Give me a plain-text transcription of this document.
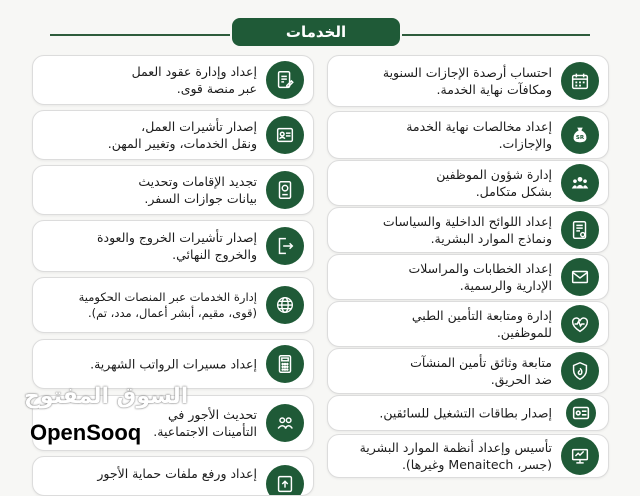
الخدمات
إعداد وإدارة عقود العمل
عبر منصة قوى.
إصدار تأشيرات العمل،
ونقل الخدمات، وتغيير المهن.
تجديد الإقامات وتحديث
بيانات جوازات السفر.
إصدار تأشيرات الخروج والعودة
والخروج النهائي.
إدارة الخدمات عبر المنصات الحكومية
(قوى، مقيم، أبشر أعمال، مدد، تم).
إعداد مسيرات الرواتب الشهرية.
تحديث الأجور في
التأمينات الاجتماعية.
إعداد ورفع ملفات حماية الأجور
احتساب أرصدة الإجازات السنوية
ومكافآت نهاية الخدمة.
SR
إعداد مخالصات نهاية الخدمة
والإجازات.
إدارة شؤون الموظفين
بشكل متكامل.
إعداد اللوائح الداخلية والسياسات
ونماذج الموارد البشرية.
إعداد الخطابات والمراسلات
الإدارية والرسمية.
إدارة ومتابعة التأمين الطبي
للموظفين.
متابعة وثائق تأمين المنشآت
ضد الحريق.
إصدار بطاقات التشغيل للسائقين.
تأسيس وإعداد أنظمة الموارد البشرية
(جسر، Menaitech وغيرها).
السوق المفتوح
OpenSooq
